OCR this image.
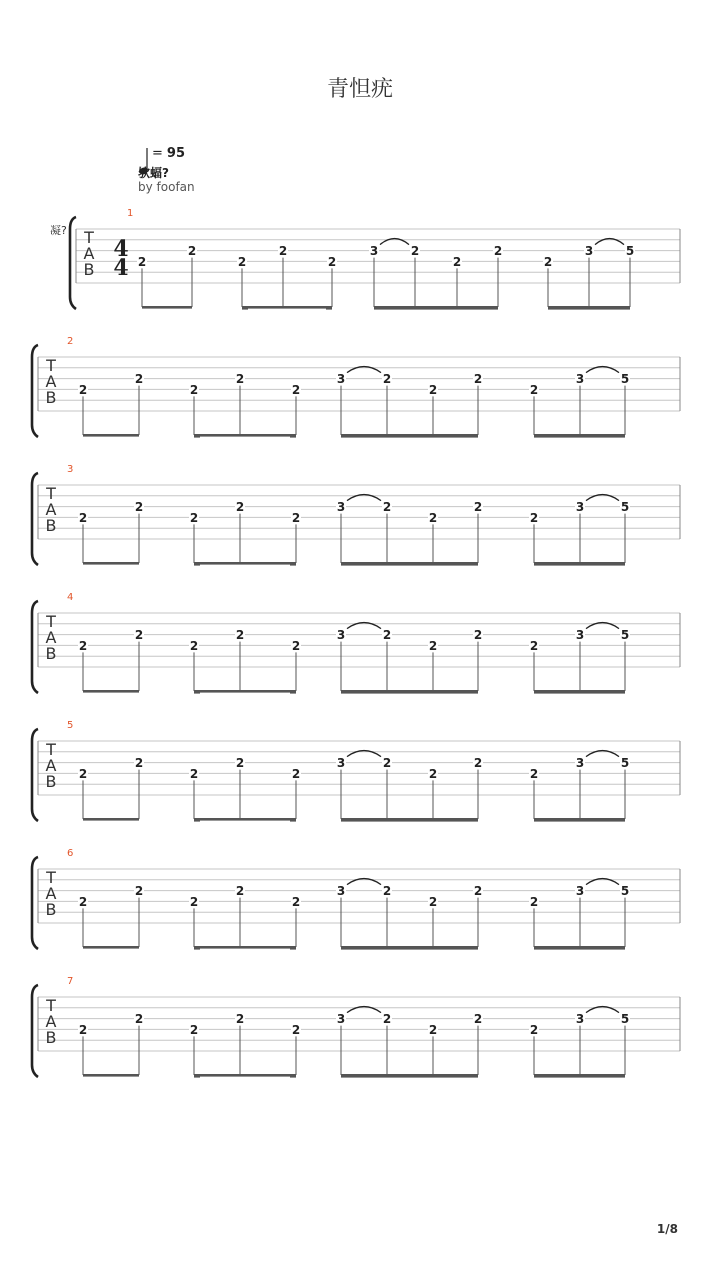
青怛疣
= 95
欤蝠?
by foofan
凝?
1
T
A
B
4
4 2
2
2
2
2
3	2
2
2
2
3	5
2
T
A
B 2
2
2
2
2
3	2
2
2
2
3	5
3
T
A
B 2
2
2
2
2
3	2
2
2
2
3	5
4
T
A
B 2
2
2
2
2
3	2
2
2
2
3	5
5
T
A
B 2
2
2
2
2
3	2
2
2
2
3	5
6
T
A
B 2
2
2
2
2
3	2
2
2
2
3	5
7
T
A
B 2
2
2
2
2
3	2
2
2
2
3	5
1/8
